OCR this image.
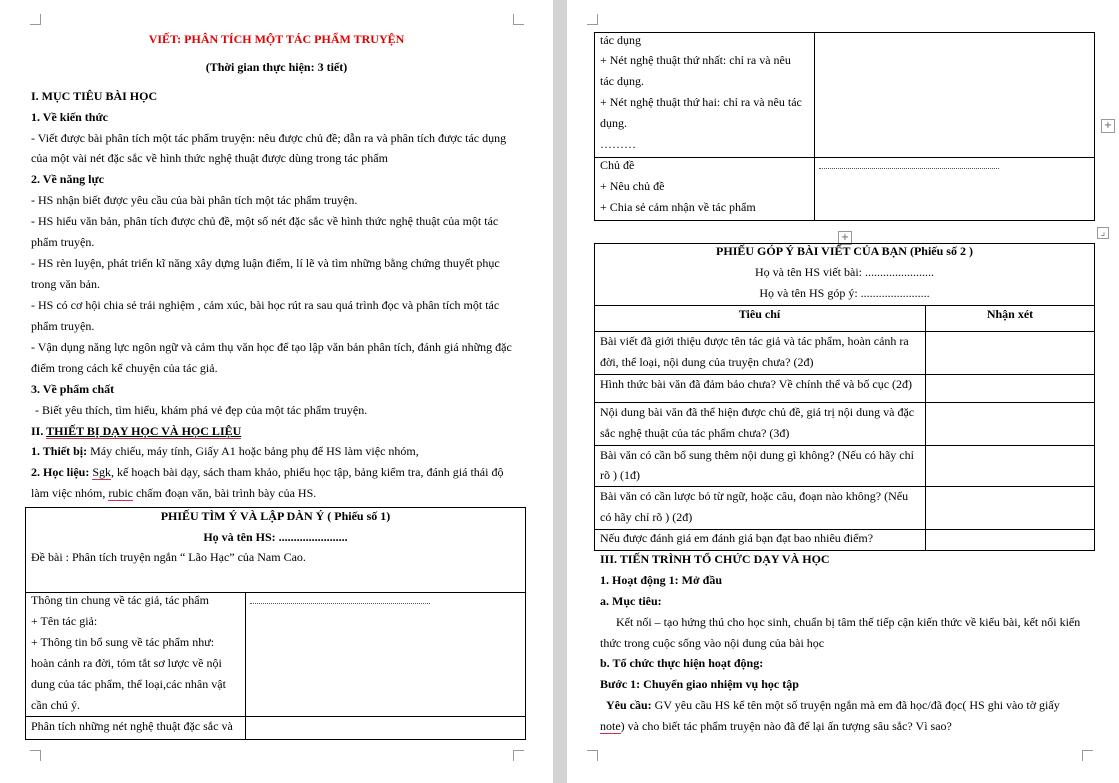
VIẾT: PHÂN TÍCH MỘT TÁC PHẨM TRUYỆN
(Thời gian thực hiện: 3 tiết)
I. MỤC TIÊU BÀI HỌC
1. Về kiến thức
- Viết được bài phân tích một tác phẩm truyện: nêu được chủ đề; dẫn ra và phân tích được tác dụng
của một vài nét đặc sắc về hình thức nghệ thuật được dùng trong tác phẩm
2. Về năng lực
- HS nhận biết được yêu cầu của bài phân tích một tác phẩm truyện.
- HS hiểu văn bản, phân tích được chủ đề, một số nét đặc sắc về hình thức nghệ thuật của một tác
phẩm truyện.
- HS rèn luyện, phát triển kĩ năng xây dựng luận điểm, lí lẽ và tìm những bằng chứng thuyết phục
trong văn bản.
- HS có cơ hội chia sẻ trải nghiệm , cảm xúc, bài học rút ra sau quá trình đọc và phân tích một tác
phẩm truyện.
- Vận dụng năng lực ngôn ngữ và cảm thụ văn học để tạo lập văn bản phân tích, đánh giá những đặc
điểm trong cách kể chuyện của tác giả.
3. Về phẩm chất
- Biết yêu thích, tìm hiểu, khám phá vẻ đẹp của một tác phẩm truyện.
II. THIẾT BỊ DẠY HỌC VÀ HỌC LIỆU
1. Thiết bị: Máy chiếu, máy tính, Giấy A1 hoặc bảng phụ để HS làm việc nhóm,
2. Học liệu: Sgk, kế hoạch bài dạy, sách tham khảo, phiếu học tập, bảng kiểm tra, đánh giá thái độ
làm việc nhóm, rubic chấm đoạn văn, bài trình bày của HS.
PHIẾU TÌM Ý VÀ LẬP DÀN Ý ( Phiếu số 1)
Họ và tên HS: .......................
Đề bài : Phân tích truyện ngắn “ Lão Hạc” của Nam Cao.
Thông tin chung về tác giả, tác phẩm
+ Tên tác giả:
+ Thông tin bổ sung về tác phẩm như:
hoàn cảnh ra đời, tóm tắt sơ lược về nội
dung của tác phẩm, thể loại,các nhân vật
cần chú ý.
Phân tích những nét nghệ thuật đặc sắc và
tác dụng
+ Nét nghệ thuật thứ nhất: chỉ ra và nêu
tác dụng.
+ Nét nghệ thuật thứ hai: chỉ ra và nêu tác
dụng.
………
Chủ đề
+ Nêu chủ đề
+ Chia sẻ cảm nhận về tác phẩm
+
PHIẾU GÓP Ý BÀI VIẾT CỦA BẠN (Phiếu số 2 )
Họ và tên HS viết bài: .......................
Họ và tên HS góp ý: .......................
Tiêu chí	Nhận xét
Bài viết đã giới thiệu được tên tác giả và tác phẩm, hoàn cảnh ra
đời, thể loại, nội dung của truyện chưa? (2đ)
Hình thức bài văn đã đảm bảo chưa? Về chính thể và bố cục (2đ)
Nội dung bài văn đã thể hiện được chủ đề, giá trị nội dung và đặc
sắc nghệ thuật của tác phẩm chưa? (3đ)
Bài văn có cần bổ sung thêm nội dung gì không? (Nếu có hãy chỉ
rõ ) (1đ)
Bài văn có cần lược bỏ từ ngữ, hoặc câu, đoạn nào không? (Nếu
có hãy chỉ rõ ) (2đ)
Nếu được đánh giá em đánh giá bạn đạt bao nhiêu điểm?
III. TIẾN TRÌNH TỔ CHỨC DẠY VÀ HỌC
1. Hoạt động 1: Mở đầu
a. Mục tiêu:
Kết nối – tạo hứng thú cho học sinh, chuẩn bị tâm thế tiếp cận kiến thức về kiểu bài, kết nối kiến
thức trong cuộc sống vào nội dung của bài học
b. Tổ chức thực hiện hoạt động:
Bước 1: Chuyển giao nhiệm vụ học tập
Yêu cầu: GV yêu cầu HS kể tên một số truyện ngắn mà em đã học/đã đọc( HS ghi vào tờ giấy
note) và cho biết tác phẩm truyện nào đã để lại ấn tượng sâu sắc? Vì sao?
+
⌟
